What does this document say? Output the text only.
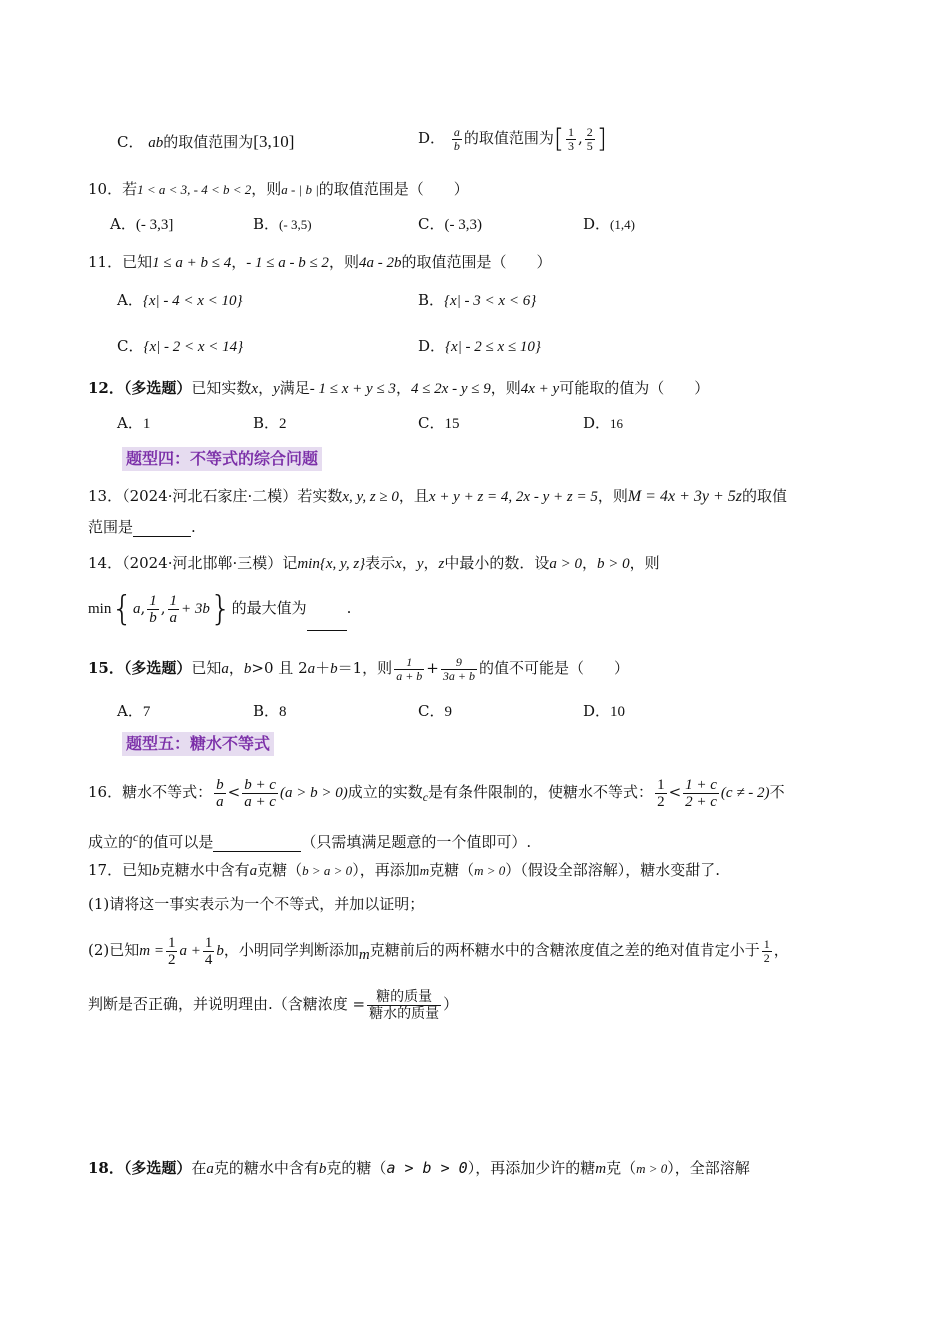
C． ab的取值范围为[3,10]	D． $\frac{a}{b}$ 的取值范围为[ $\frac{1}{3}$ , $\frac{2}{5}$ ]
10．若1 < a < 3, - 4 < b < 2，则a - | b |的取值范围是（　　）
A．(- 3,3]	B．(- 3,5)	C．(- 3,3)	D．(1,4)
11．已知1 ≤ a + b ≤ 4，- 1 ≤ a - b ≤ 2，则4a - 2b的取值范围是（　　）
A．{x| - 4 < x < 10}	B．{x| - 3 < x < 6}
C．{x| - 2 < x < 14}	D．{x| - 2 ≤ x ≤ 10}
12．（多选题）已知实数x，y满足- 1 ≤ x + y ≤ 3，4 ≤ 2x - y ≤ 9，则4x + y可能取的值为（　　）
A．1	B．2	C．15	D．16
题型四：不等式的综合问题
13．（2024·河北石家庄·二模）若实数x, y, z ≥ 0，且x + y + z = 4, 2x - y + z = 5，则M = 4x + 3y + 5z的取值
范围是	.
14．（2024·河北邯郸·三模）记min{x, y, z}表示x，y，z中最小的数．设a > 0，b > 0，则
min{a, $\frac{1}{b}$ , $\frac{1}{a} + 3b$}的最大值为	.
15．（多选题）已知a，b>0 且 2a＋b＝1，则 $\frac{1}{a + b} + \frac{9}{3a + b}$ 的值不可能是（　　）
A．7	B．8	C．9	D．10
题型五：糖水不等式
16．糖水不等式： $\frac{b}{a} < \frac{b + c}{a + c} (a > b > 0)$成立的实数$_c$是有条件限制的，使糖水不等式： $\frac{1}{2} < \frac{1 + c}{2 + c} (c$ ≠ - 2)不
成立的$^c$的值可以是	（只需填满足题意的一个值即可）.
17．已知b克糖水中含有a克糖（b > a > 0），再添加m克糖（m > 0）（假设全部溶解），糖水变甜了.
(1)请将这一事实表示为一个不等式，并加以证明；
(2)已知$m = \frac{1}{2}$ $a + \frac{1}{4}$ b，小明同学判断添加m克糖前后的两杯糖水中的含糖浓度值之差的绝对值肯定小于 $\frac{1}{2}$ ，
判断是否正确，并说明理由.（含糖浓度 = $\frac{\text{糖的质量}}{\text{糖水的质量}}$ ）
18．（多选题）在a克的糖水中含有b克的糖（a > b > 0），再添加少许的糖m克（m > 0），全部溶解
